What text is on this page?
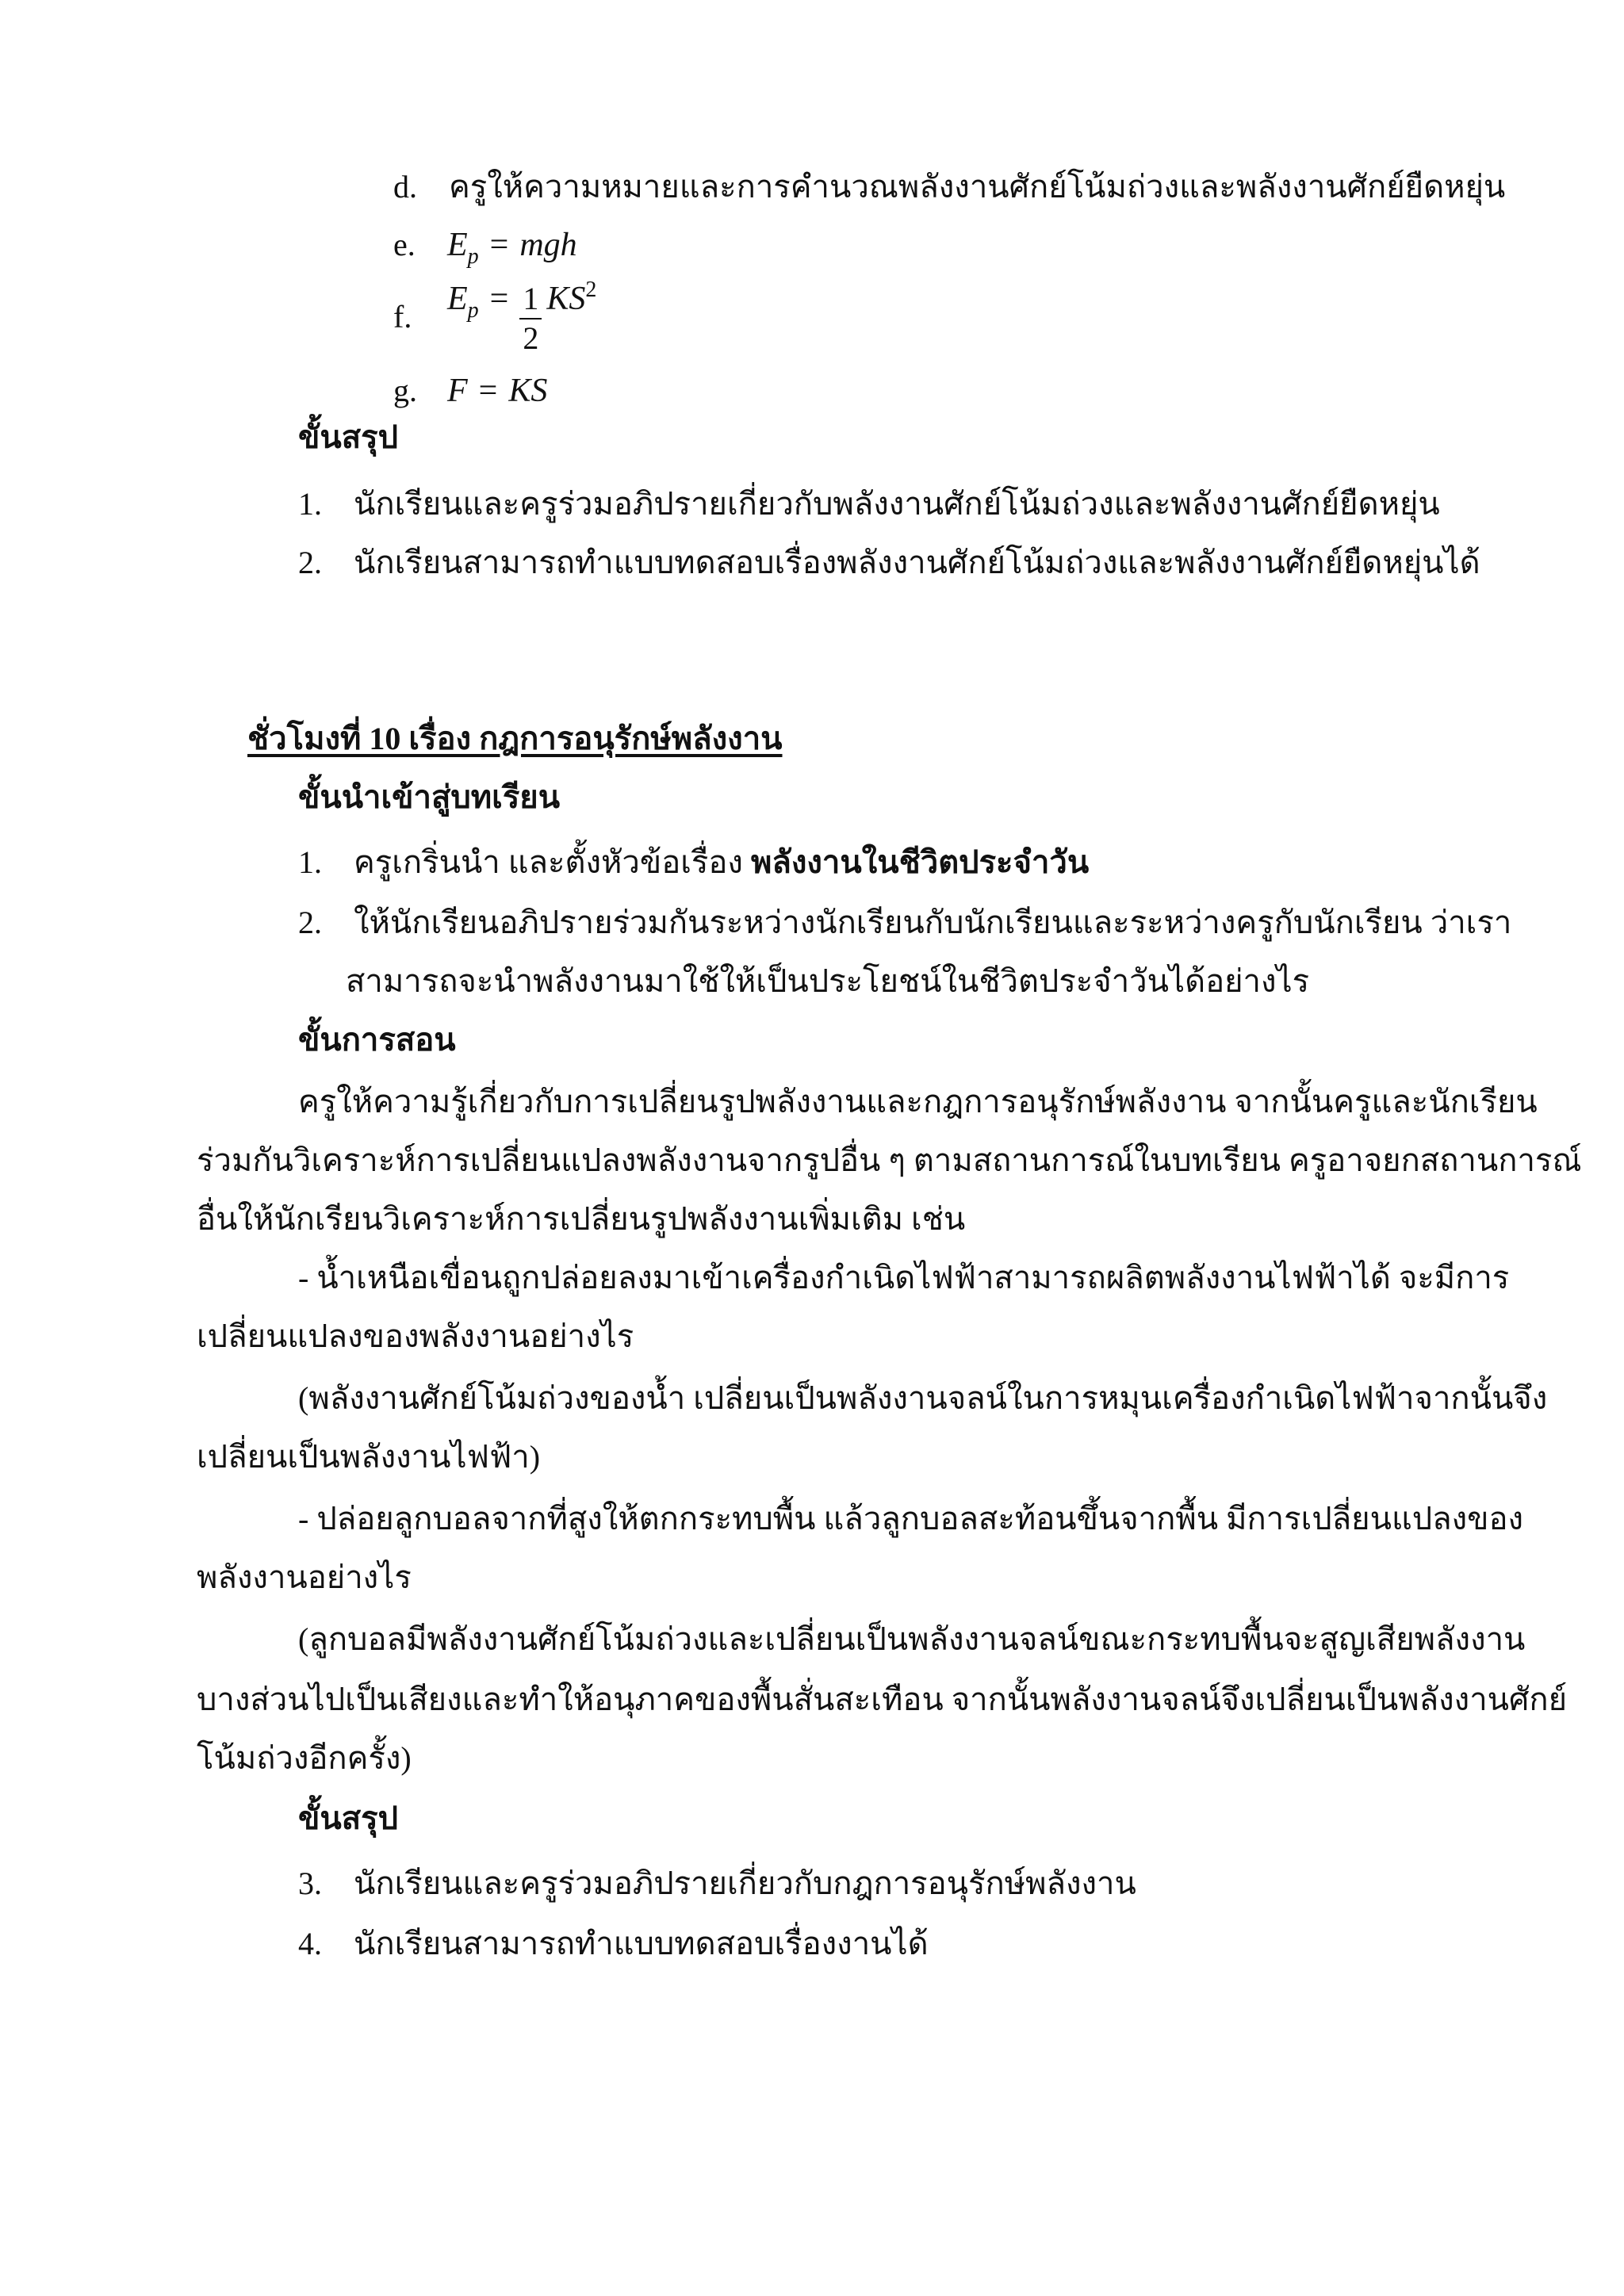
d. ครูให้ความหมายและการคำนวณพลังงานศักย์โน้มถ่วงและพลังงานศักย์ยืดหยุ่น
e. $E_p$ = mgh
f.	$E_p = \frac{1}{2} KS^2$
g. F = KS
ขั้นสรุป
1. นักเรียนและครูร่วมอภิปรายเกี่ยวกับพลังงานศักย์โน้มถ่วงและพลังงานศักย์ยืดหยุ่น
2. นักเรียนสามารถทำแบบทดสอบเรื่องพลังงานศักย์โน้มถ่วงและพลังงานศักย์ยืดหยุ่นได้
ชั่วโมงที่ 10 เรื่อง กฎการอนุรักษ์พลังงาน
ขั้นนำเข้าสู่บทเรียน
1. ครูเกริ่นนำ และตั้งหัวข้อเรื่อง พลังงานในชีวิตประจำวัน
2. ให้นักเรียนอภิปรายร่วมกันระหว่างนักเรียนกับนักเรียนและระหว่างครูกับนักเรียน ว่าเรา
สามารถจะนำพลังงานมาใช้ให้เป็นประโยชน์ในชีวิตประจำวันได้อย่างไร
ขั้นการสอน
ครูให้ความรู้เกี่ยวกับการเปลี่ยนรูปพลังงานและกฎการอนุรักษ์พลังงาน จากนั้นครูและนักเรียน
ร่วมกันวิเคราะห์การเปลี่ยนแปลงพลังงานจากรูปอื่น ๆ ตามสถานการณ์ในบทเรียน ครูอาจยกสถานการณ์
อื่นให้นักเรียนวิเคราะห์การเปลี่ยนรูปพลังงานเพิ่มเติม เช่น
- น้ำเหนือเขื่อนถูกปล่อยลงมาเข้าเครื่องกำเนิดไฟฟ้าสามารถผลิตพลังงานไฟฟ้าได้ จะมีการ
เปลี่ยนแปลงของพลังงานอย่างไร
(พลังงานศักย์โน้มถ่วงของน้ำ เปลี่ยนเป็นพลังงานจลน์ในการหมุนเครื่องกำเนิดไฟฟ้าจากนั้นจึง
เปลี่ยนเป็นพลังงานไฟฟ้า)
- ปล่อยลูกบอลจากที่สูงให้ตกกระทบพื้น แล้วลูกบอลสะท้อนขึ้นจากพื้น มีการเปลี่ยนแปลงของ
พลังงานอย่างไร
(ลูกบอลมีพลังงานศักย์โน้มถ่วงและเปลี่ยนเป็นพลังงานจลน์ขณะกระทบพื้นจะสูญเสียพลังงาน
บางส่วนไปเป็นเสียงและทำให้อนุภาคของพื้นสั่นสะเทือน จากนั้นพลังงานจลน์จึงเปลี่ยนเป็นพลังงานศักย์
โน้มถ่วงอีกครั้ง)
ขั้นสรุป
3. นักเรียนและครูร่วมอภิปรายเกี่ยวกับกฎการอนุรักษ์พลังงาน
4. นักเรียนสามารถทำแบบทดสอบเรื่องงานได้
